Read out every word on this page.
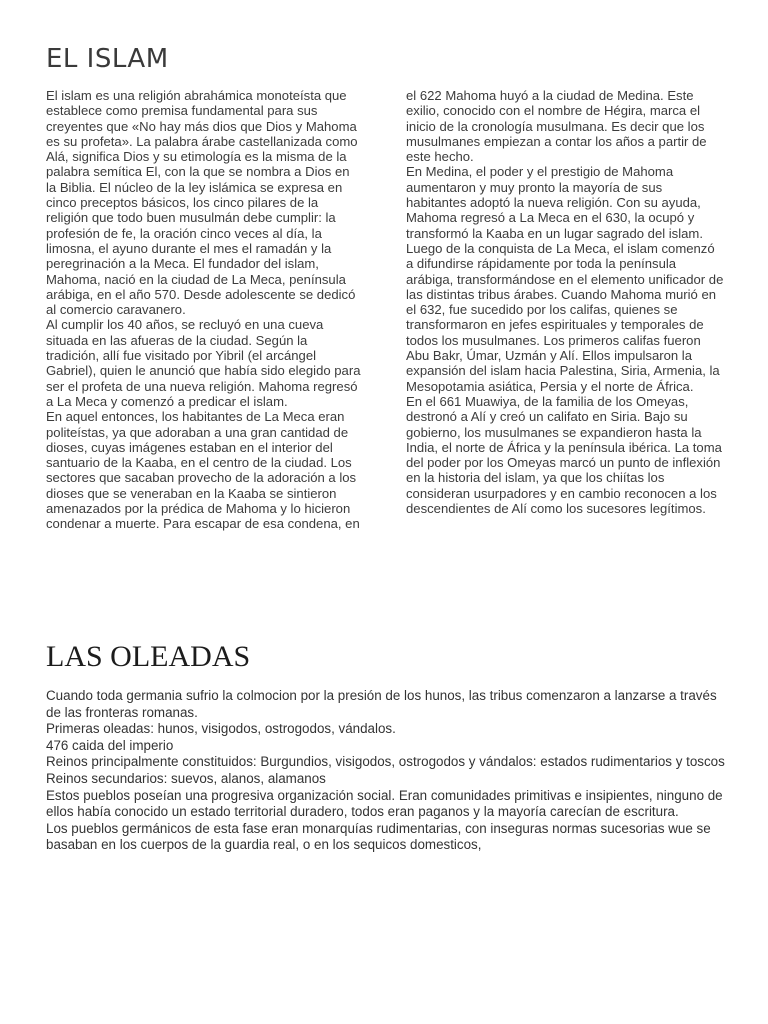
EL ISLAM
El islam es una religión abrahámica monoteísta que establece como premisa fundamental para sus creyentes que «No hay más dios que Dios y Mahoma es su profeta». La palabra árabe castellanizada como Alá, significa Dios y su etimología es la misma de la palabra semítica El, con la que se nombra a Dios en la Biblia. El núcleo de la ley islámica se expresa en cinco preceptos básicos, los cinco pilares de la religión que todo buen musulmán debe cumplir: la profesión de fe, la oración cinco veces al día, la limosna, el ayuno durante el mes el ramadán y la peregrinación a la Meca. El fundador del islam, Mahoma, nació en la ciudad de La Meca, península arábiga, en el año 570. Desde adolescente se dedicó al comercio caravanero.
Al cumplir los 40 años, se recluyó en una cueva situada en las afueras de la ciudad. Según la tradición, allí fue visitado por Yibril (el arcángel Gabriel), quien le anunció que había sido elegido para ser el profeta de una nueva religión. Mahoma regresó a La Meca y comenzó a predicar el islam.
En aquel entonces, los habitantes de La Meca eran politeístas, ya que adoraban a una gran cantidad de dioses, cuyas imágenes estaban en el interior del santuario de la Kaaba, en el centro de la ciudad. Los sectores que sacaban provecho de la adoración a los dioses que se veneraban en la Kaaba se sintieron amenazados por la prédica de Mahoma y lo hicieron condenar a muerte. Para escapar de esa condena, en
el 622 Mahoma huyó a la ciudad de Medina. Este exilio, conocido con el nombre de Hégira, marca el inicio de la cronología musulmana. Es decir que los musulmanes empiezan a contar los años a partir de este hecho.
En Medina, el poder y el prestigio de Mahoma aumentaron y muy pronto la mayoría de sus habitantes adoptó la nueva religión. Con su ayuda, Mahoma regresó a La Meca en el 630, la ocupó y transformó la Kaaba en un lugar sagrado del islam.
Luego de la conquista de La Meca, el islam comenzó a difundirse rápidamente por toda la península arábiga, transformándose en el elemento unificador de las distintas tribus árabes. Cuando Mahoma murió en el 632, fue sucedido por los califas, quienes se transformaron en jefes espirituales y temporales de todos los musulmanes. Los primeros califas fueron Abu Bakr, Úmar, Uzmán y Alí. Ellos impulsaron la expansión del islam hacia Palestina, Siria, Armenia, la Mesopotamia asiática, Persia y el norte de África.
En el 661 Muawiya, de la familia de los Omeyas, destronó a Alí y creó un califato en Siria. Bajo su gobierno, los musulmanes se expandieron hasta la India, el norte de África y la península ibérica. La toma del poder por los Omeyas marcó un punto de inflexión en la historia del islam, ya que los chiítas los consideran usurpadores y en cambio reconocen a los descendientes de Alí como los sucesores legítimos.
LAS OLEADAS
Cuando toda germania sufrio la colmocion por la presión de los hunos, las tribus comenzaron a lanzarse a través de las fronteras romanas.
Primeras oleadas: hunos, visigodos, ostrogodos, vándalos.
476 caida del imperio
Reinos principalmente constituidos: Burgundios, visigodos, ostrogodos y vándalos: estados rudimentarios y toscos
Reinos secundarios: suevos, alanos, alamanos
Estos pueblos poseían una progresiva organización social. Eran comunidades primitivas e insipientes, ninguno de ellos había conocido un estado territorial duradero, todos eran paganos y la mayoría carecían de escritura.
Los pueblos germánicos de esta fase eran monarquías rudimentarias, con inseguras normas sucesorias wue se basaban en los cuerpos de la guardia real, o en los sequicos domesticos,
